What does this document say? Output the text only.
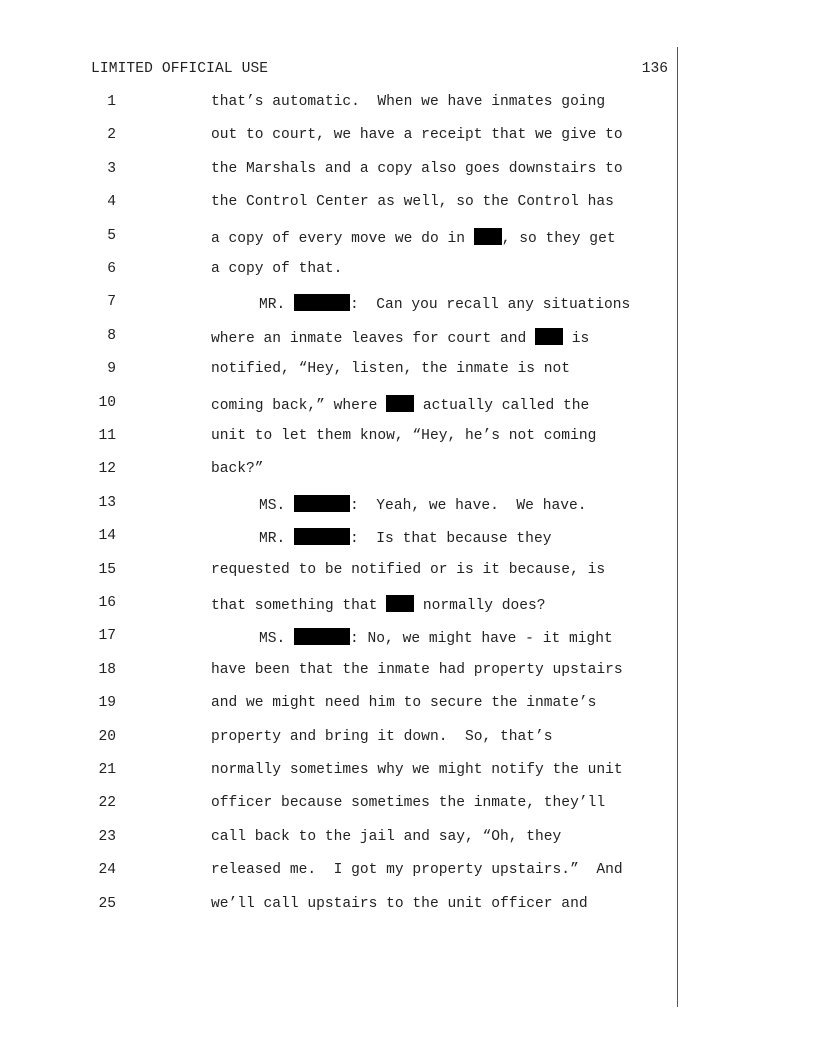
LIMITED OFFICIAL USE	136
1	that’s automatic.  When we have inmates going
2	out to court, we have a receipt that we give to
3	the Marshals and a copy also goes downstairs to
4	the Control Center as well, so the Control has
5	a copy of every move we do in , so they get
6	a copy of that.
7	MR.	:  Can you recall any situations
8	where an inmate leaves for court and  is
9	notified, “Hey, listen, the inmate is not
10	coming back,” where  actually called the
11	unit to let them know, “Hey, he’s not coming
12	back?”
13	MS.	:  Yeah, we have.  We have.
14	MR.	:  Is that because they
15	requested to be notified or is it because, is
16	that something that  normally does?
17	MS.	: No, we might have - it might
18	have been that the inmate had property upstairs
19	and we might need him to secure the inmate’s
20	property and bring it down.  So, that’s
21	normally sometimes why we might notify the unit
22	officer because sometimes the inmate, they’ll
23	call back to the jail and say, “Oh, they
24	released me.  I got my property upstairs.”  And
25	we’ll call upstairs to the unit officer and
